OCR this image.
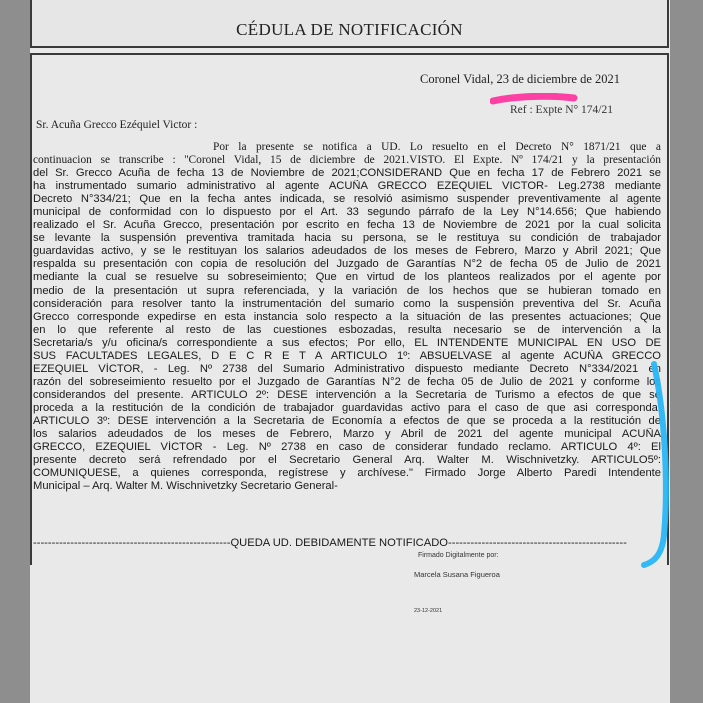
CÉDULA DE NOTIFICACIÓN
Coronel Vidal, 23 de diciembre de 2021
Ref : Expte N° 174/21
Sr. Acuña Grecco Ezéquiel Victor :
Por la presente se notifica a UD. Lo resuelto en el Decreto N° 1871/21 que a
continuacion se transcribe : ''Coronel Vidal, 15 de diciembre de 2021.VISTO. El Expte. Nº 174/21 y la presentación
del Sr. Grecco Acuña de fecha 13 de Noviembre de 2021;CONSIDERAND Que en fecha 17 de Febrero 2021 se
ha instrumentado sumario administrativo al agente ACUÑA GRECCO EZEQUIEL VICTOR- Leg.2738 mediante
Decreto N°334/21; Que en la fecha antes indicada, se resolvió asimismo suspender preventivamente al agente
municipal de conformidad con lo dispuesto por el Art. 33 segundo párrafo de la Ley N°14.656; Que habiendo
realizado el Sr. Acuña Grecco, presentación por escrito en fecha 13 de Noviembre de 2021 por la cual solicita
se levante la suspensión preventiva tramitada hacia su persona, se le restituya su condición de trabajador
guardavidas activo, y se le restituyan los salarios adeudados de los meses de Febrero, Marzo y Abril 2021; Que
respalda su presentación con copia de resolución del Juzgado de Garantías N°2 de fecha 05 de Julio de 2021
mediante la cual se resuelve su sobreseimiento; Que en virtud de los planteos realizados por el agente por
medio de la presentación ut supra referenciada, y la variación de los hechos que se hubieran tomado en
consideración para resolver tanto la instrumentación del sumario como la suspensión preventiva del Sr. Acuña
Grecco corresponde expedirse en esta instancia solo respecto a la situación de las presentes actuaciones; Que
en lo que referente al resto de las cuestiones esbozadas, resulta necesario se de intervención a la
Secretaria/s y/u oficina/s correspondiente a sus efectos; Por ello, EL INTENDENTE MUNICIPAL EN USO DE
SUS FACULTADES LEGALES, D E C R E T A ARTICULO 1º: ABSUELVASE al agente ACUÑA GRECCO
EZEQUIEL VÍCTOR, - Leg. Nº 2738 del Sumario Administrativo dispuesto mediante Decreto N°334/2021 en
razón del sobreseimiento resuelto por el Juzgado de Garantías N°2 de fecha 05 de Julio de 2021 y conforme los
considerandos del presente. ARTICULO 2º: DESE intervención a la Secretaria de Turismo a efectos de que se
proceda a la restitución de la condición de trabajador guardavidas activo para el caso de que asi corresponda.
ARTICULO 3º: DESE intervención a la Secretaria de Economía a efectos de que se proceda a la restitución de
los salarios adeudados de los meses de Febrero, Marzo y Abril de 2021 del agente municipal ACUÑA
GRECCO, EZEQUIEL VÍCTOR - Leg. Nº 2738 en caso de considerar fundado reclamo. ARTICULO 4º: El
presente decreto será refrendado por el Secretario General Arq. Walter M. Wischnivetzky. ARTICULO5º:
COMUNIQUESE, a quienes corresponda, regístrese y archívese." Firmado Jorge Alberto Paredi Intendente
Municipal – Arq. Walter M. Wischnivetzky Secretario General-
-----------------------------------------------------QUEDA UD. DEBIDAMENTE NOTIFICADO------------------------------------------------
Firmado Digitalmente por:
Marcela Susana Figueroa
23-12-2021
